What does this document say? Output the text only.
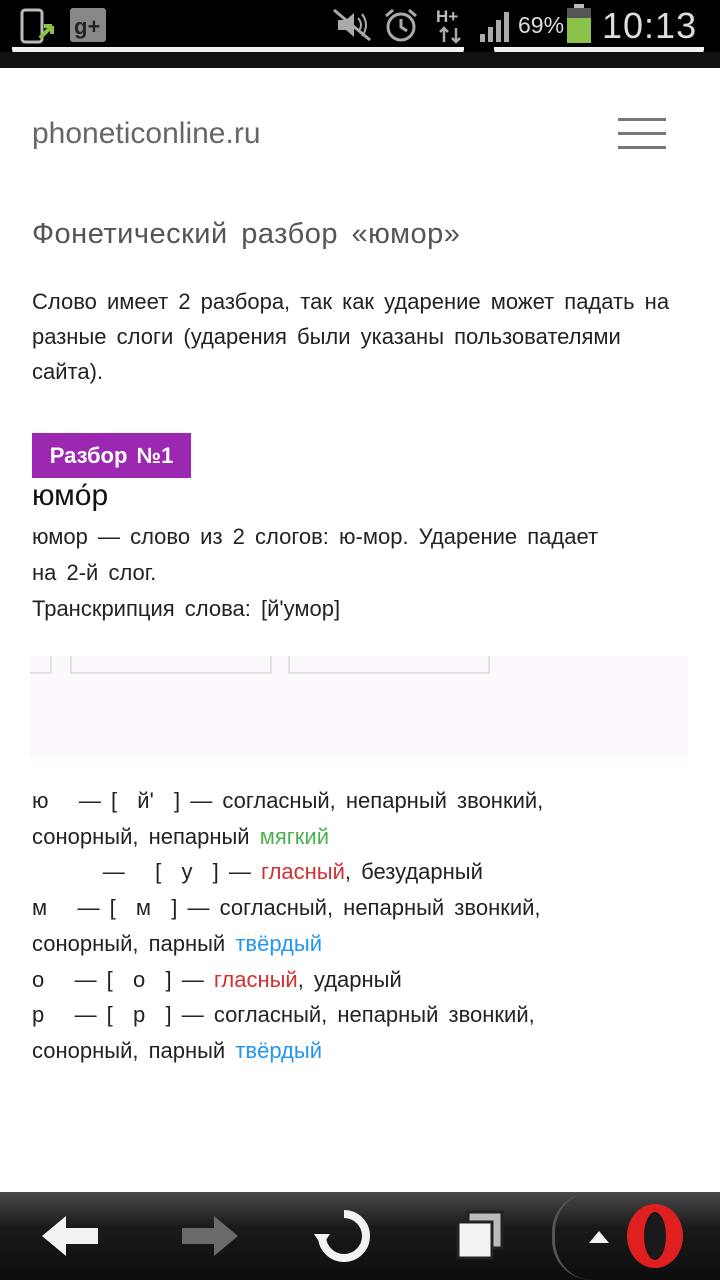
g+	H+	69% 10:13
phoneticonline.ru
Фонетический разбор «юмор»
Слово имеет 2 разбора, так как ударение может падать на разные слоги (ударения были указаны пользователями сайта).
Разбор №1
юмо́р

юмор — слово из 2 слогов: ю-мор. Ударение падает

на 2-й слог.

Транскрипция слова: [й'умор]

ю   — [  й'  ] — согласный, непарный звонкий,

сонорный, непарный мягкий

—   [  у  ] — гласный, безударный

м   — [  м  ] — согласный, непарный звонкий,

сонорный, парный твёрдый

о   — [  о  ] — гласный, ударный

р   — [  р  ] — согласный, непарный звонкий,

сонорный, парный твёрдый
